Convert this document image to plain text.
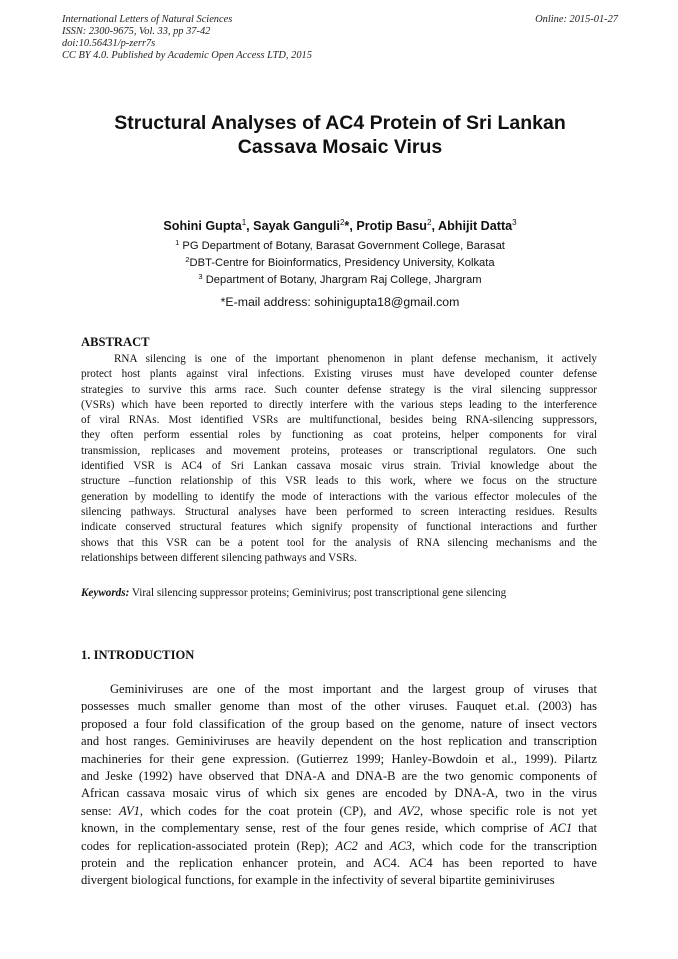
International Letters of Natural Sciences
ISSN: 2300-9675, Vol. 33, pp 37-42
doi:10.56431/p-zerr7s
CC BY 4.0. Published by Academic Open Access LTD, 2015
Online: 2015-01-27
Structural Analyses of AC4 Protein of Sri Lankan
Cassava Mosaic Virus
Sohini Gupta$^1$, Sayak Ganguli$^2$*, Protip Basu$^2$, Abhijit Datta$^3$
$^1$ PG Department of Botany, Barasat Government College, Barasat
$^2$DBT-Centre for Bioinformatics, Presidency University, Kolkata
$^3$ Department of Botany, Jhargram Raj College, Jhargram
*E-mail address: sohinigupta18@gmail.com
ABSTRACT
RNA silencing is one of the important phenomenon in plant defense mechanism, it actively
protect host plants against viral infections. Existing viruses must have developed counter defense
strategies to survive this arms race. Such counter defense strategy is the viral silencing suppressor
(VSRs) which have been reported to directly interfere with the various steps leading to the interference
of viral RNAs. Most identified VSRs are multifunctional, besides being RNA-silencing suppressors,
they often perform essential roles by functioning as coat proteins, helper components for viral
transmission, replicases and movement proteins, proteases or transcriptional regulators. One such
identified VSR is AC4 of Sri Lankan cassava mosaic virus strain. Trivial knowledge about the
structure –function relationship of this VSR leads to this work, where we focus on the structure
generation by modelling to identify the mode of interactions with the various effector molecules of the
silencing pathways. Structural analyses have been performed to screen interacting residues. Results
indicate conserved structural features which signify propensity of functional interactions and further
shows that this VSR can be a potent tool for the analysis of RNA silencing mechanisms and the
relationships between different silencing pathways and VSRs.
Keywords: Viral silencing suppressor proteins; Geminivirus; post transcriptional gene silencing
1. INTRODUCTION
Geminiviruses are one of the most important and the largest group of viruses that
possesses much smaller genome than most of the other viruses. Fauquet et.al. (2003) has
proposed a four fold classification of the group based on the genome, nature of insect vectors
and host ranges. Geminiviruses are heavily dependent on the host replication and transcription
machineries for their gene expression. (Gutierrez 1999; Hanley-Bowdoin et al., 1999). Pilartz
and Jeske (1992) have observed that DNA-A and DNA-B are the two genomic components of
African cassava mosaic virus of which six genes are encoded by DNA-A, two in the virus
sense: AV1, which codes for the coat protein (CP), and AV2, whose specific role is not yet
known, in the complementary sense, rest of the four genes reside, which comprise of AC1 that
codes for replication-associated protein (Rep); AC2 and AC3, which code for the transcription
protein and the replication enhancer protein, and AC4. AC4 has been reported to have
divergent biological functions, for example in the infectivity of several bipartite geminiviruses
